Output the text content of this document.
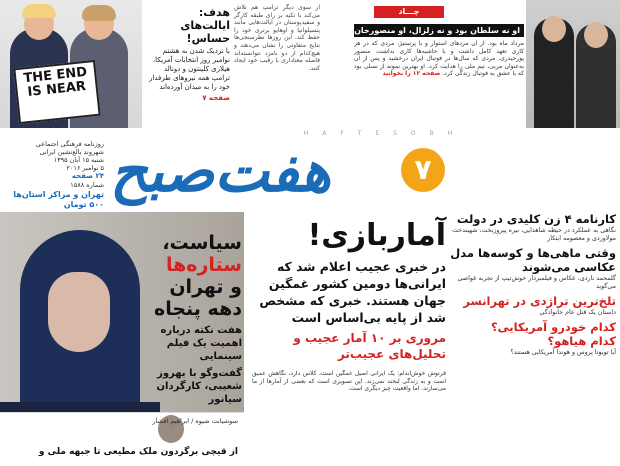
THE END IS NEAR
از سوی دیگر ترامپ هم تلاش می‌کند با تکیه بر رای طبقه کارگر و سفیدپوستان در ایالت‌هایی مانند پنسیلوانیا و اوهایو برتری خود را حفظ کند. این روزها نظرسنجی‌ها نتایج متفاوتی را نشان می‌دهند و هیچ‌کدام از دو نامزد نتوانسته‌اند فاصله معناداری با رقیب خود ایجاد کنند.
هدف: ایالت‌های حساس!
با نزدیک شدن به هشتم نوامبر روز انتخابات آمریکا، هیلاری کلینتون و دونالد ترامپ همه نیروهای طرفدار خود را به میدان آورده‌اند
صفحه ۷
چـــاد
او نه سلطان بود و نه زلزال، او منصورخان بود
مرداد ماه بود. از آن مردهای استوار و با پرستیژ، مردی که در هر کاری تعهد کامل داشت و با حاشیه‌ها کاری نداشت. منصور پورحیدری، مردی که سال‌ها در فوتبال ایران درخشید و پس از آن به‌عنوان مربی، تیم ملی را هدایت کرد. او بهترین نمونه از نسلی بود که با عشق به فوتبال زندگی کرد. صفحه ۱۲ را بخوانید
HAFTESOBH
هفت‌صبح	۷
روزنامه فرهنگی اجتماعی
شهروند بالغ‌نشین ایرانی
شنبه ۱۵ آبان ۱۳۹۵
۵ نوامبر ۲۰۱۶
۲۴ صفحه
شماره ۱۵۸۸
تهران و مراکز استان‌ها ۵۰۰ تومان
سیاست،
ستاره‌ها
و تهران
دهه پنجاه
هفت نکته درباره اهمیت یک فیلم سینمایی
گفت‌وگو با بهروز شعیبی، کارگردان سیانور
آماربازی!
در خبری عجیب اعلام شد که ایرانی‌ها دومین کشور غمگین جهان هستند. خبری که مشخص شد از پایه بی‌اساس است
مروری بر ۱۰ آمار عجیب و تحلیل‌های عجیب‌تر
فرنوش خوش‌اندام: یک ایرانی اصیل غمگین است، کلاس دارد، نگاهش عمیق است و به زندگی لبخند نمی‌زند. این تصویری است که بعضی از آمارها از ما می‌سازند. اما واقعیت چیز دیگری است.
کارنامه ۴ زن کلیدی در دولت
نگاهی به عملکرد در حیطه شاهدایی، نیره پیروزبخت، شهیندخت مولاوردی و معصومه ابتکار
وقتی ماهی‌ها و کوسه‌ها مدل عکاسی می‌شوند
گلمحمد ناردی، عکاس و فیلمبردار خوش‌تیپ از تجربه غواصی می‌گوید
تلخ‌ترین تراژدی در تهرانسر
داستان یک قتل عام خانوادگی
کدام خودرو آمریکایی؟
کدام هیاهو؟
آیا تویوتا پروس و هوندا آمریکایی هستند؟
سوشیانت شیوه / ابراهیم افشار
از قیچی برگردون ملک مطیعی تا جبهه ملی و
